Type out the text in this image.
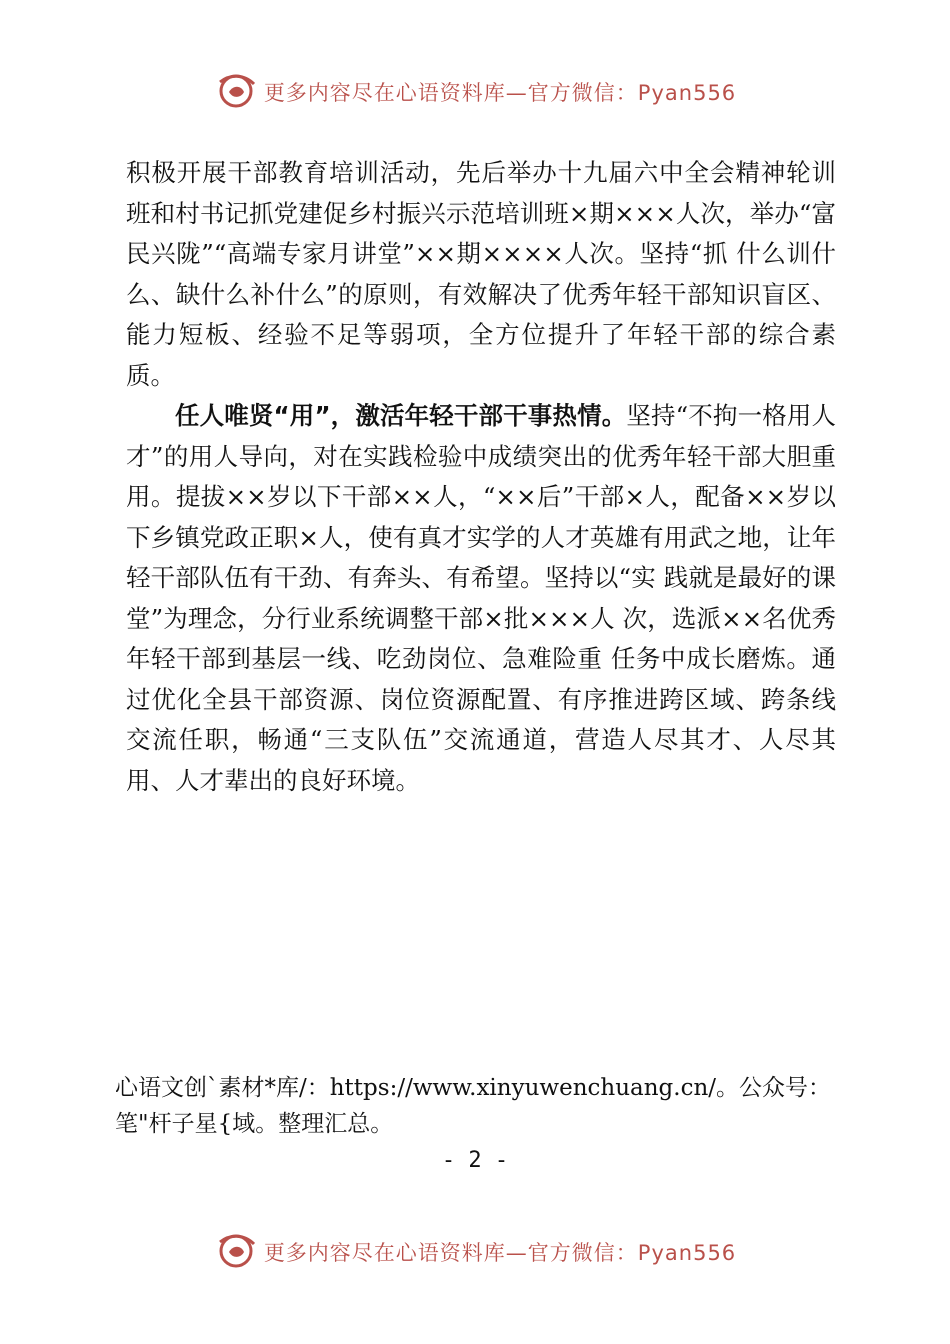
更多内容尽在心语资料库—官方微信：Pyan556

积极开展干部教育培训活动，先后举办十九届六中全会精神轮训班和村书记抓党建促乡村振兴示范培训班×期×××人次，举办“富民兴陇”“高端专家月讲堂”××期××××人次。坚持“抓 什么训什么、缺什么补什么”的原则，有效解决了优秀年轻干部知识盲区、能力短板、经验不足等弱项，全方位提升了年轻干部的综合素质。

任人唯贤“用”，激活年轻干部干事热情。坚持“不拘一格用人才”的用人导向，对在实践检验中成绩突出的优秀年轻干部大胆重用。提拔××岁以下干部××人，“××后”干部×人，配备××岁以下乡镇党政正职×人，使有真才实学的人才英雄有用武之地，让年轻干部队伍有干劲、有奔头、有希望。坚持以“实 践就是最好的课堂”为理念，分行业系统调整干部×批×××人 次，选派××名优秀年轻干部到基层一线、吃劲岗位、急难险重 任务中成长磨炼。通过优化全县干部资源、岗位资源配置、有序推进跨区域、跨条线交流任职，畅通“三支队伍”交流通道，营造人尽其才、人尽其用、人才辈出的良好环境。

心语文创`素材*库/：https://www.xinyuwenchuang.cn/。公众号：笔"杆子星{域。整理汇总。
- 2 -
更多内容尽在心语资料库—官方微信：Pyan556
